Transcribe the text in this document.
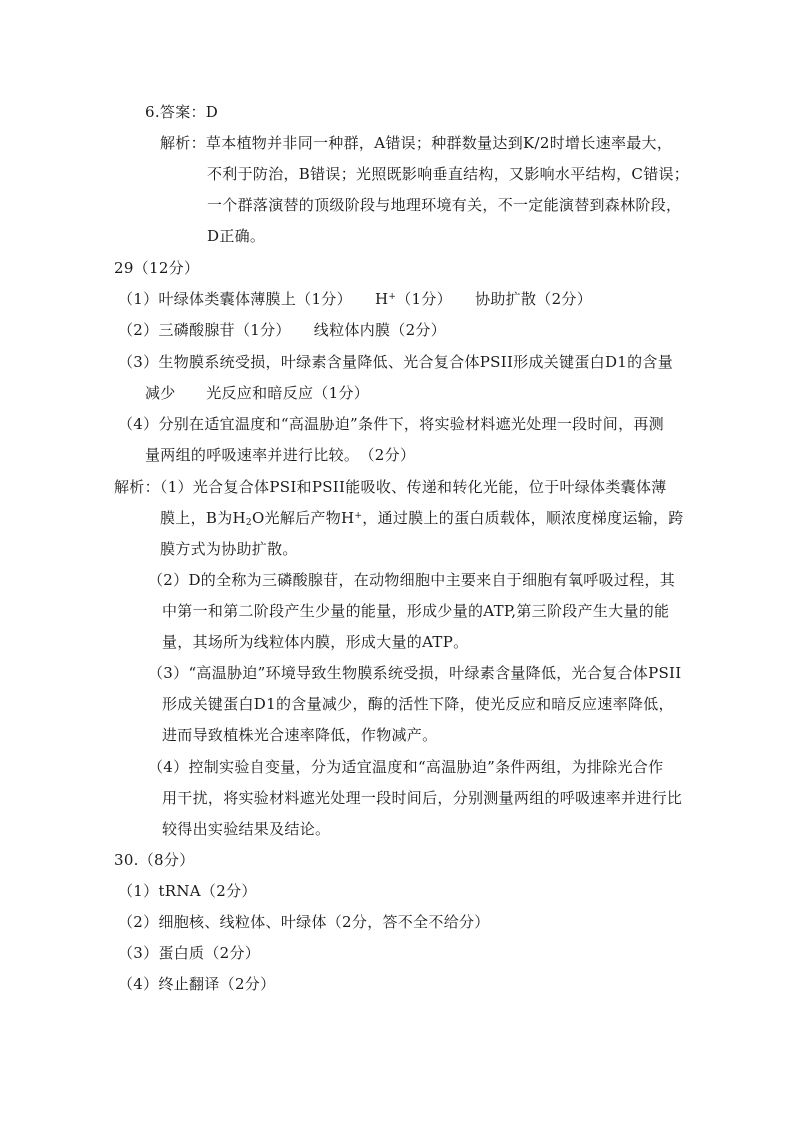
6.答案：D
解析：草本植物并非同一种群，A错误；种群数量达到K/2时增长速率最大，
不利于防治，B错误；光照既影响垂直结构，又影响水平结构，C错误；
一个群落演替的顶级阶段与地理环境有关，不一定能演替到森林阶段，
D正确。
29（12分）
（1）叶绿体类囊体薄膜上（1分）　　H+（1分）　　协助扩散（2分）
（2）三磷酸腺苷（1分）　　线粒体内膜（2分）
（3）生物膜系统受损，叶绿素含量降低、光合复合体PSII形成关键蛋白D1的含量
减少　　光反应和暗反应（1分）
（4）分别在适宜温度和“高温胁迫”条件下，将实验材料遮光处理一段时间，再测
量两组的呼吸速率并进行比较。　（2分）
解析：（1）光合复合体PSI和PSII能吸收、传递和转化光能，位于叶绿体类囊体薄
膜上，B为$H_2O$光解后产物H+，通过膜上的蛋白质载体，顺浓度梯度运输，跨
膜方式为协助扩散。
（2）D的全称为三磷酸腺苷，在动物细胞中主要来自于细胞有氧呼吸过程，其
中第一和第二阶段产生少量的能量，形成少量的ATP,第三阶段产生大量的能
量，其场所为线粒体内膜，形成大量的ATP。
（3）“高温胁迫”环境导致生物膜系统受损，叶绿素含量降低，光合复合体PSII
形成关键蛋白D1的含量减少，酶的活性下降，使光反应和暗反应速率降低，
进而导致植株光合速率降低，作物减产。
（4）控制实验自变量，分为适宜温度和“高温胁迫”条件两组，为排除光合作
用干扰，将实验材料遮光处理一段时间后，分别测量两组的呼吸速率并进行比
较得出实验结果及结论。
30.（8分）
（1）tRNA（2分）
（2）细胞核、线粒体、叶绿体（2分，答不全不给分）
（3）蛋白质（2分）
（4）终止翻译（2分）
